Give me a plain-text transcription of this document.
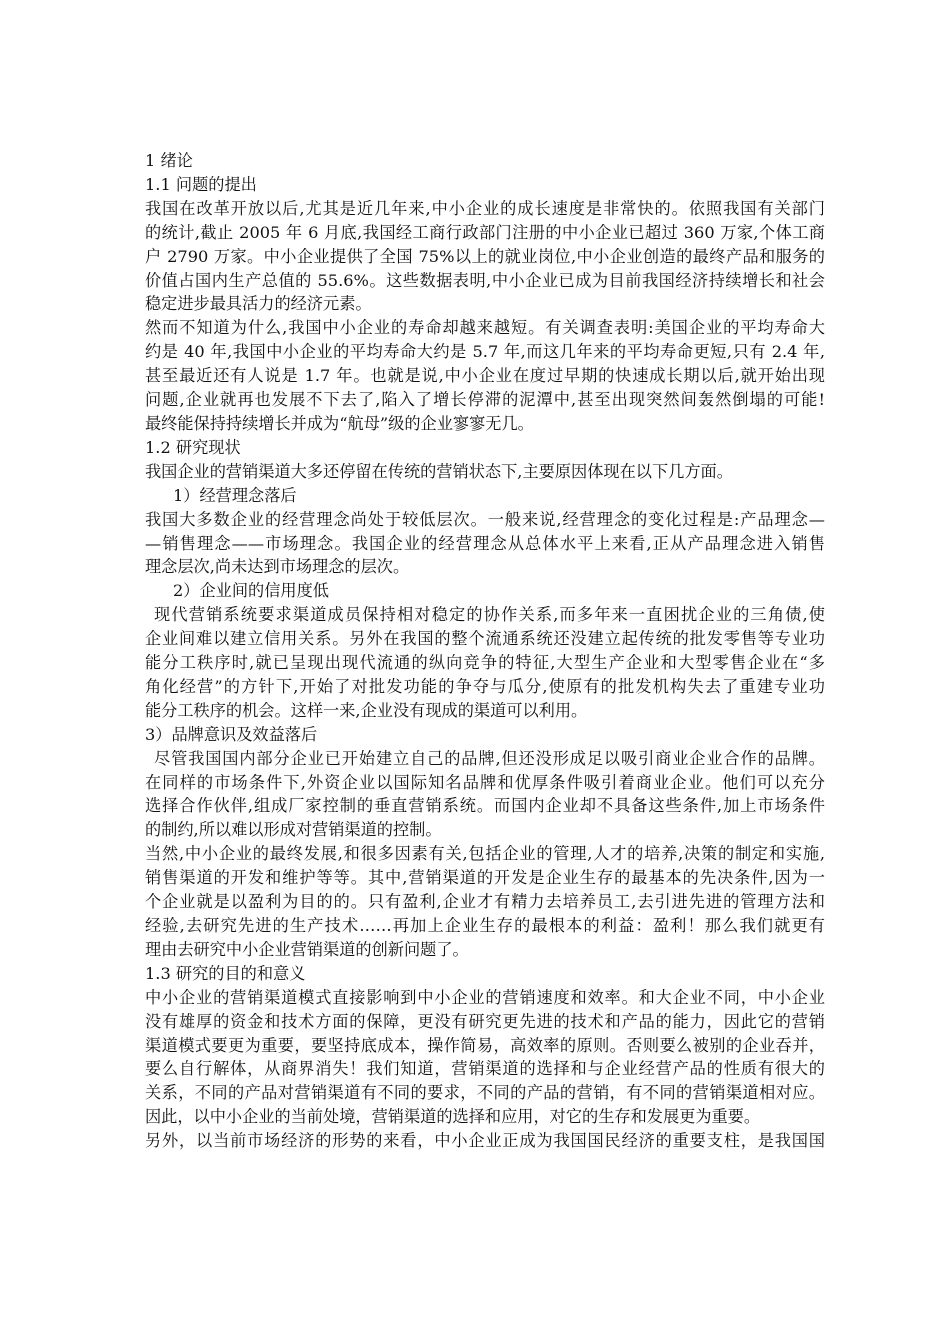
1 绪论
1.1 问题的提出
我国在改革开放以后,尤其是近几年来,中小企业的成长速度是非常快的。依照我国有关部门
的统计,截止 2005 年 6 月底,我国经工商行政部门注册的中小企业已超过 360 万家,个体工商
户 2790 万家。中小企业提供了全国 75%以上的就业岗位,中小企业创造的最终产品和服务的
价值占国内生产总值的 55.6%。这些数据表明,中小企业已成为目前我国经济持续增长和社会
稳定进步最具活力的经济元素。
然而不知道为什么,我国中小企业的寿命却越来越短。有关调查表明:美国企业的平均寿命大
约是 40 年,我国中小企业的平均寿命大约是 5.7 年,而这几年来的平均寿命更短,只有 2.4 年,
甚至最近还有人说是 1.7 年。也就是说,中小企业在度过早期的快速成长期以后,就开始出现
问题,企业就再也发展不下去了,陷入了增长停滞的泥潭中,甚至出现突然间轰然倒塌的可能!
最终能保持持续增长并成为“航母”级的企业寥寥无几。
1.2 研究现状
我国企业的营销渠道大多还停留在传统的营销状态下,主要原因体现在以下几方面。
1）经营理念落后
我国大多数企业的经营理念尚处于较低层次。一般来说,经营理念的变化过程是:产品理念—
—销售理念——市场理念。我国企业的经营理念从总体水平上来看,正从产品理念进入销售
理念层次,尚未达到市场理念的层次。
2）企业间的信用度低
现代营销系统要求渠道成员保持相对稳定的协作关系,而多年来一直困扰企业的三角债,使
企业间难以建立信用关系。另外在我国的整个流通系统还没建立起传统的批发零售等专业功
能分工秩序时,就已呈现出现代流通的纵向竞争的特征,大型生产企业和大型零售企业在“多
角化经营”的方针下,开始了对批发功能的争夺与瓜分,使原有的批发机构失去了重建专业功
能分工秩序的机会。这样一来,企业没有现成的渠道可以利用。
3）品牌意识及效益落后
尽管我国国内部分企业已开始建立自己的品牌,但还没形成足以吸引商业企业合作的品牌。
在同样的市场条件下,外资企业以国际知名品牌和优厚条件吸引着商业企业。他们可以充分
选择合作伙伴,组成厂家控制的垂直营销系统。而国内企业却不具备这些条件,加上市场条件
的制约,所以难以形成对营销渠道的控制。
当然,中小企业的最终发展,和很多因素有关,包括企业的管理,人才的培养,决策的制定和实施,
销售渠道的开发和维护等等。其中,营销渠道的开发是企业生存的最基本的先决条件,因为一
个企业就是以盈利为目的的。只有盈利,企业才有精力去培养员工,去引进先进的管理方法和
经验,去研究先进的生产技术……再加上企业生存的最根本的利益：盈利！那么我们就更有
理由去研究中小企业营销渠道的创新问题了。
1.3 研究的目的和意义
中小企业的营销渠道模式直接影响到中小企业的营销速度和效率。和大企业不同，中小企业
没有雄厚的资金和技术方面的保障，更没有研究更先进的技术和产品的能力，因此它的营销
渠道模式要更为重要，要坚持底成本，操作简易，高效率的原则。否则要么被别的企业吞并，
要么自行解体，从商界消失！我们知道，营销渠道的选择和与企业经营产品的性质有很大的
关系，不同的产品对营销渠道有不同的要求，不同的产品的营销，有不同的营销渠道相对应。
因此，以中小企业的当前处境，营销渠道的选择和应用，对它的生存和发展更为重要。
另外，以当前市场经济的形势的来看，中小企业正成为我国国民经济的重要支柱，是我国国
